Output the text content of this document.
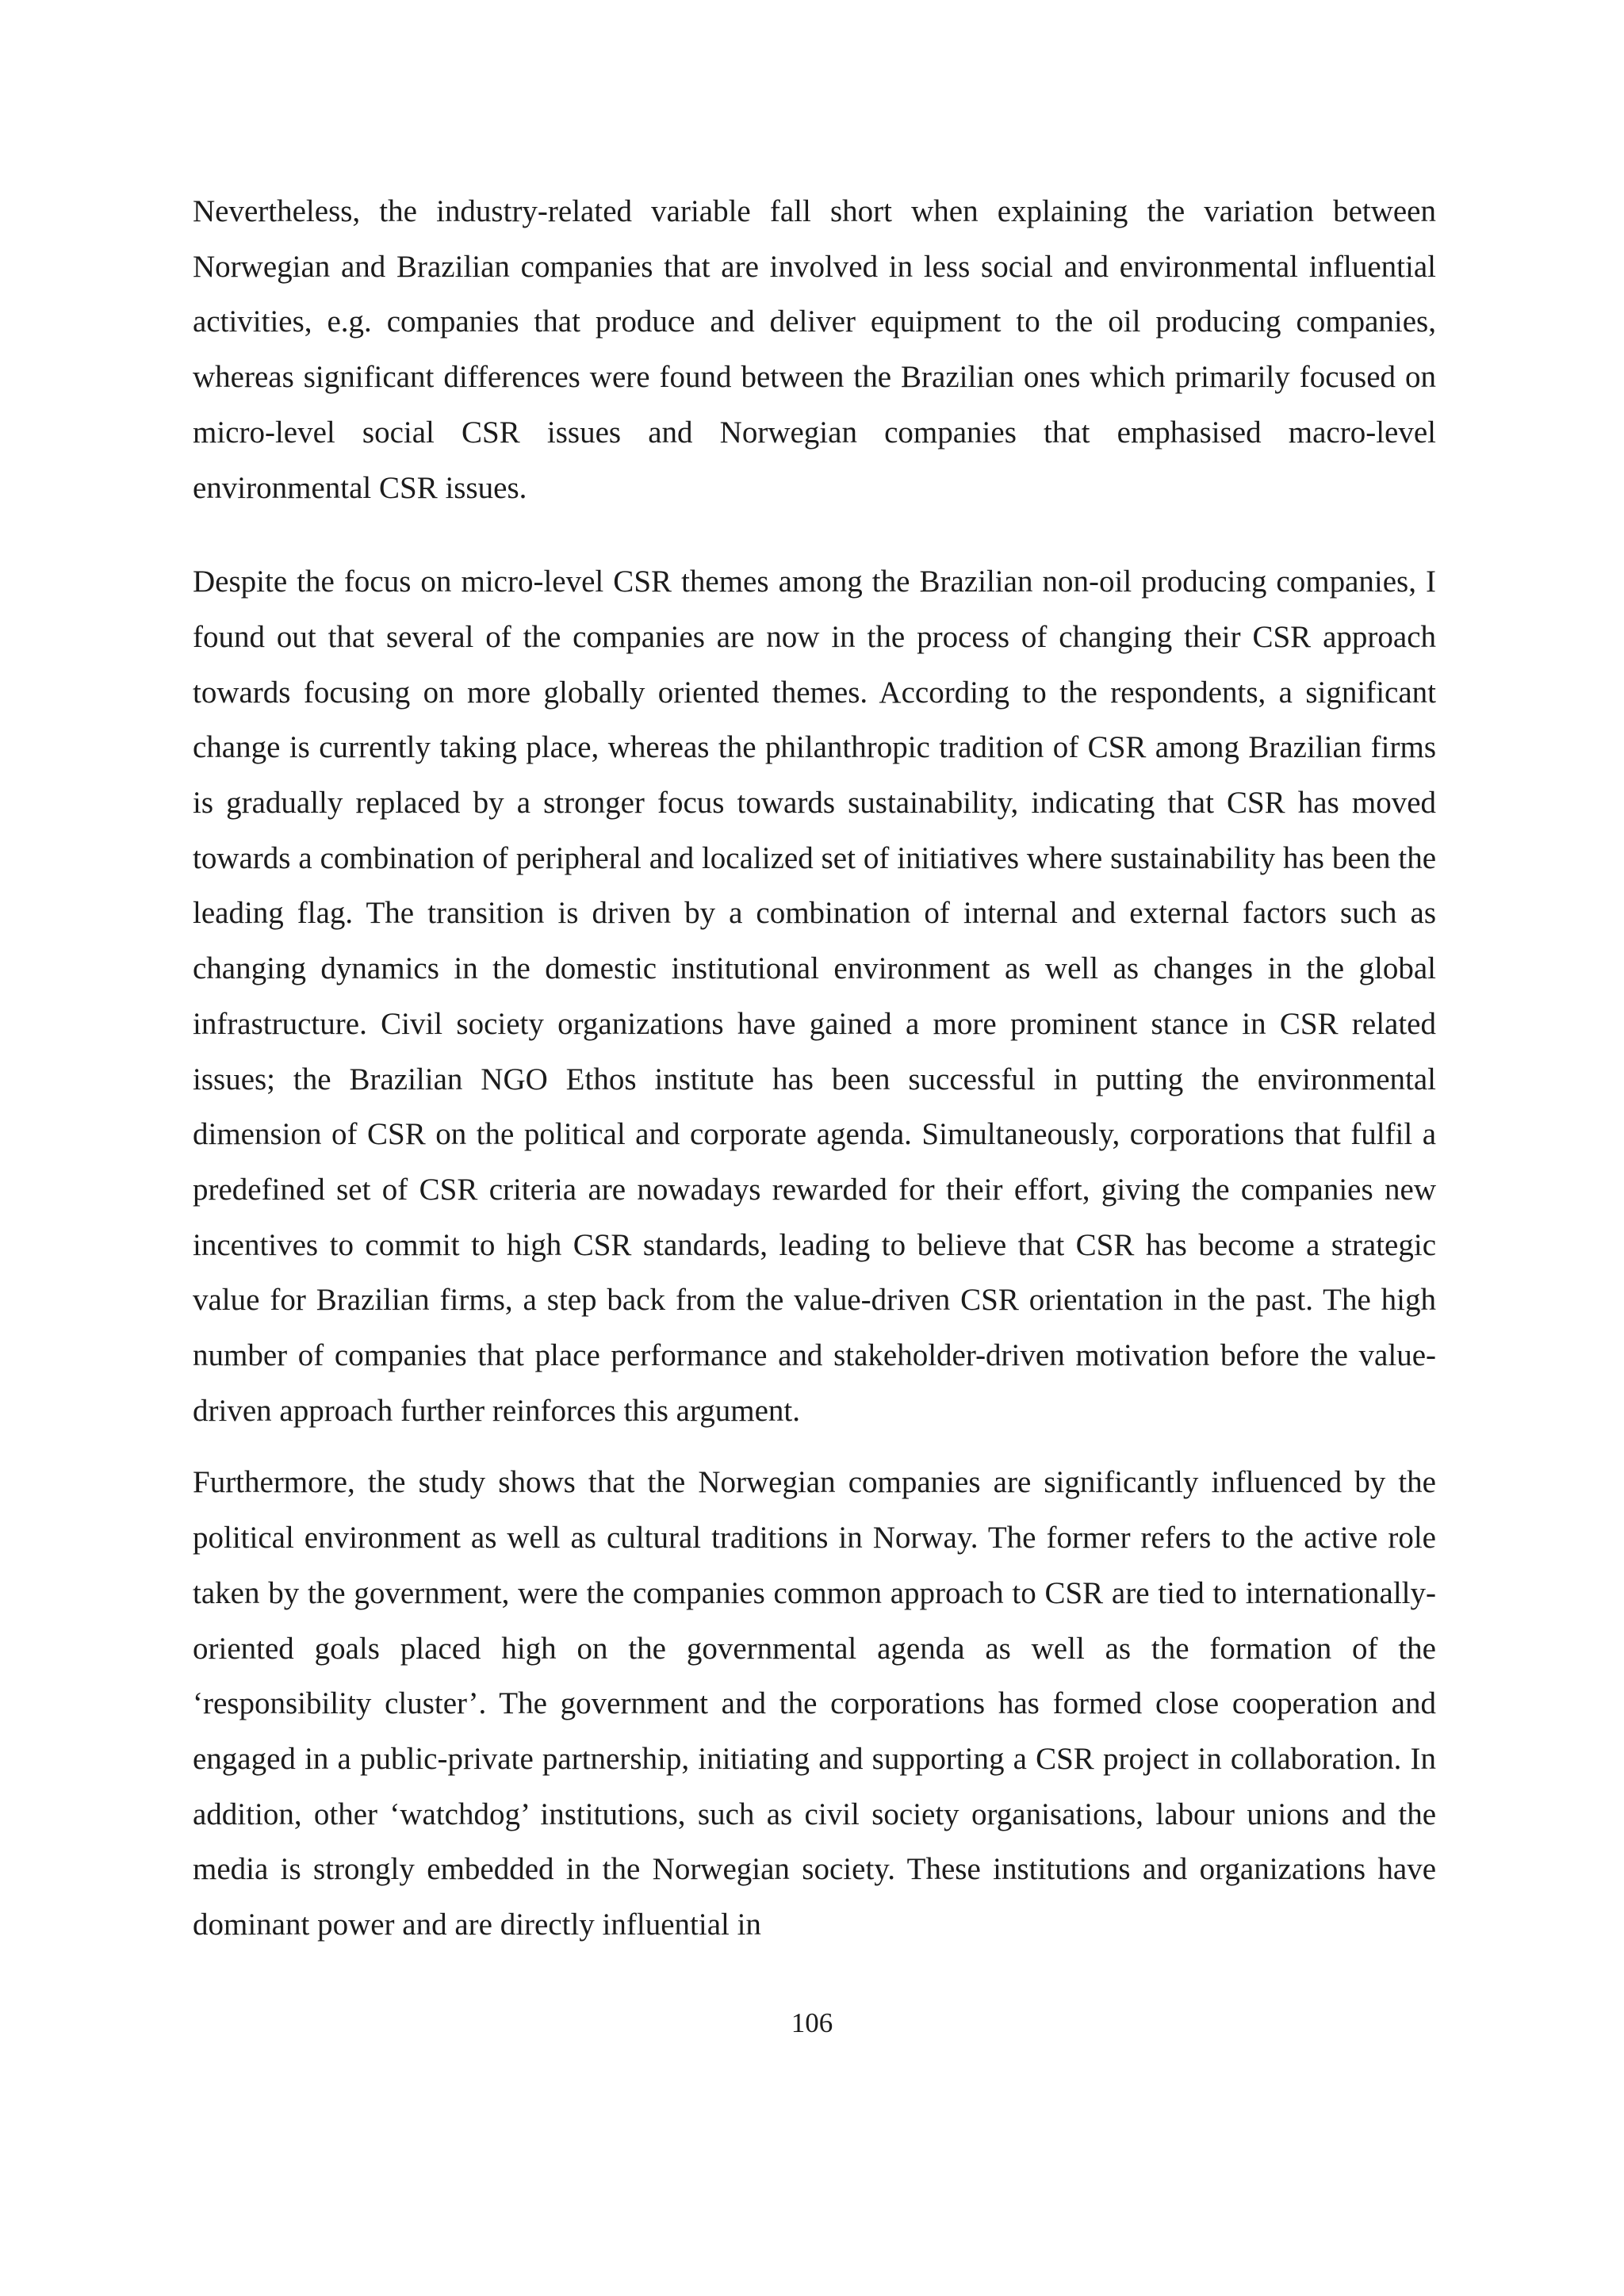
Nevertheless, the industry-related variable fall short when explaining the variation between Norwegian and Brazilian companies that are involved in less social and environmental influential activities, e.g. companies that produce and deliver equipment to the oil producing companies, whereas significant differences were found between the Brazilian ones which primarily focused on micro-level social CSR issues and Norwegian companies that emphasised macro-level environmental CSR issues.

Despite the focus on micro-level CSR themes among the Brazilian non-oil producing companies, I found out that several of the companies are now in the process of changing their CSR approach towards focusing on more globally oriented themes. According to the respondents, a significant change is currently taking place, whereas the philanthropic tradition of CSR among Brazilian firms is gradually replaced by a stronger focus towards sustainability, indicating that CSR has moved towards a combination of peripheral and localized set of initiatives where sustainability has been the leading flag. The transition is driven by a combination of internal and external factors such as changing dynamics in the domestic institutional environment as well as changes in the global infrastructure. Civil society organizations have gained a more prominent stance in CSR related issues; the Brazilian NGO Ethos institute has been successful in putting the environmental dimension of CSR on the political and corporate agenda. Simultaneously, corporations that fulfil a predefined set of CSR criteria are nowadays rewarded for their effort, giving the companies new incentives to commit to high CSR standards, leading to believe that CSR has become a strategic value for Brazilian firms, a step back from the value-driven CSR orientation in the past. The high number of companies that place performance and stakeholder-driven motivation before the value-driven approach further reinforces this argument.

Furthermore, the study shows that the Norwegian companies are significantly influenced by the political environment as well as cultural traditions in Norway. The former refers to the active role taken by the government, were the companies common approach to CSR are tied to internationally-oriented goals placed high on the governmental agenda as well as the formation of the ‘responsibility cluster’. The government and the corporations has formed close cooperation and engaged in a public-private partnership, initiating and supporting a CSR project in collaboration. In addition, other ‘watchdog’ institutions, such as civil society organisations, labour unions and the media is strongly embedded in the Norwegian society. These institutions and organizations have dominant power and are directly influential in

106
